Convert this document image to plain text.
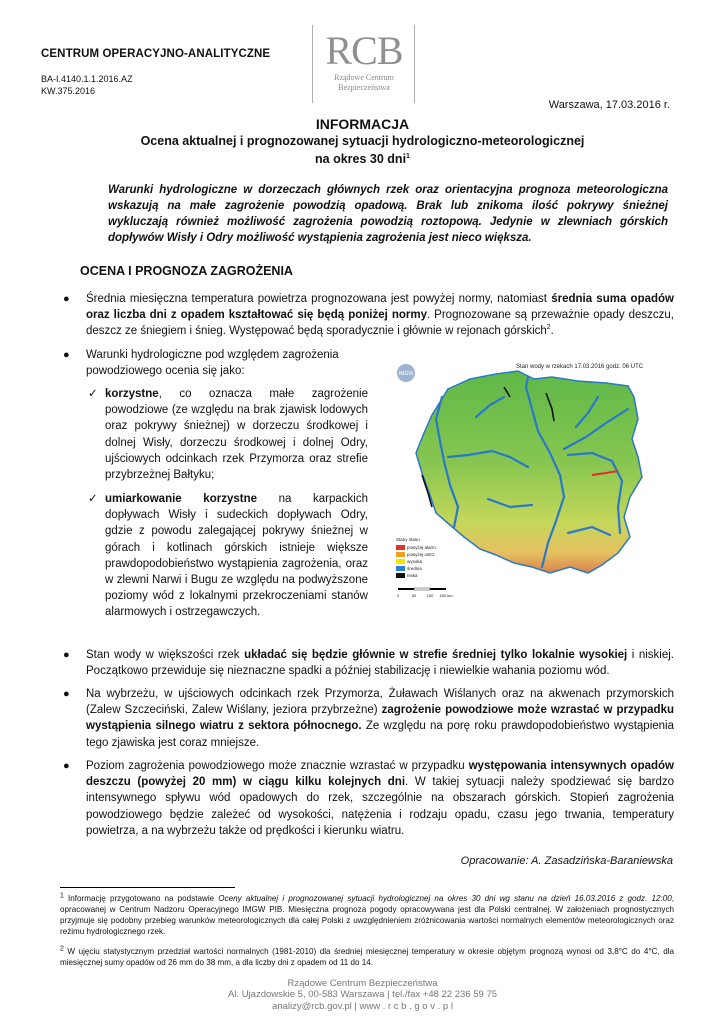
CENTRUM OPERACYJNO-ANALITYCZNE
BA-I.4140.1.1.2016.AZ
KW.375.2016
RCB
Rządowe Centrum
Bezpieczeństwa
Warszawa, 17.03.2016 r.
INFORMACJA
Ocena aktualnej i prognozowanej sytuacji hydrologiczno-meteorologicznej
na okres 30 dni$^1$
Warunki hydrologiczne w dorzeczach głównych rzek oraz orientacyjna prognoza meteorologiczna wskazują na małe zagrożenie powodzią opadową. Brak lub znikoma ilość pokrywy śnieżnej wykluczają również możliwość zagrożenia powodzią roztopową. Jedynie w zlewniach górskich dopływów Wisły i Odry możliwość wystąpienia zagrożenia jest nieco większa.
OCENA I PROGNOZA ZAGROŻENIA
● Średnia miesięczna temperatura powietrza prognozowana jest powyżej normy, natomiast średnia suma opadów oraz liczba dni z opadem kształtować się będą poniżej normy. Prognozowane są przeważnie opady deszczu, deszcz ze śniegiem i śnieg. Występować będą sporadycznie i głównie w rejonach górskich$^2$.
● Warunki hydrologiczne pod względem zagrożenia powodziowego ocenia się jako:
✓ korzystne, co oznacza małe zagrożenie powodziowe (ze względu na brak zjawisk lodowych oraz pokrywy śnieżnej) w dorzeczu środkowej i dolnej Wisły, dorzeczu środkowej i dolnej Odry, ujściowych odcinkach rzek Przymorza oraz strefie przybrzeżnej Bałtyku;
✓ umiarkowanie korzystne na karpackich dopływach Wisły i sudeckich dopływach Odry, gdzie z powodu zalegającej pokrywy śnieżnej w górach i kotlinach górskich istnieje większe prawdopodobieństwo wystąpienia zagrożenia, oraz w zlewni Narwi i Bugu ze względu na podwyższone poziomy wód z lokalnymi przekroczeniami stanów alarmowych i ostrzegawczych.
IMGW
Stan wody w rzekach 17.03.2016 godz. 06 UTC
Stany stanu
powyżej alarm.
powyżej ostrz.
wysoka
średnia
niska
0	50	100 150 km
● Stan wody w większości rzek układać się będzie głównie w strefie średniej tylko lokalnie wysokiej i niskiej. Początkowo przewiduje się nieznaczne spadki a później stabilizację i niewielkie wahania poziomu wód.
● Na wybrzeżu, w ujściowych odcinkach rzek Przymorza, Żuławach Wiślanych oraz na akwenach przymorskich (Zalew Szczeciński, Zalew Wiślany, jeziora przybrzeżne) zagrożenie powodziowe może wzrastać w przypadku wystąpienia silnego wiatru z sektora północnego. Ze względu na porę roku prawdopodobieństwo wystąpienia tego zjawiska jest coraz mniejsze.
● Poziom zagrożenia powodziowego może znacznie wzrastać w przypadku występowania intensywnych opadów deszczu (powyżej 20 mm) w ciągu kilku kolejnych dni. W takiej sytuacji należy spodziewać się bardzo intensywnego spływu wód opadowych do rzek, szczególnie na obszarach górskich. Stopień zagrożenia powodziowego będzie zależeć od wysokości, natężenia i rodzaju opadu, czasu jego trwania, temperatury powietrza, a na wybrzeżu także od prędkości i kierunku wiatru.
Opracowanie: A. Zasadzińska-Baraniewska
$^1$ Informację przygotowano na podstawie Oceny aktualnej i prognozowanej sytuacji hydrologicznej na okres 30 dni wg stanu na dzień 16.03.2016 z godz. 12:00, opracowanej w Centrum Nadzoru Operacyjnego IMGW PIB. Miesięczna prognoza pogody opracowywana jest dla Polski centralnej. W założeniach prognostycznych przyjmuje się podobny przebieg warunków meteorologicznych dla całej Polski z uwzględnieniem zróżnicowania wartości normalnych elementów meteorologicznych oraz reżimu hydrologicznego rzek.
$^2$ W ujęciu statystycznym przedział wartości normalnych (1981-2010) dla średniej miesięcznej temperatury w okresie objętym prognozą wynosi od 3,8°C do 4°C, dla miesięcznej sumy opadów od 26 mm do 38 mm, a dla liczby dni z opadem od 11 do 14.
Rządowe Centrum Bezpieczeństwa
Al. Ujazdowskie 5, 00-583 Warszawa | tel./fax +48 22 236 59 75
analizy@rcb.gov.pl | www . r c b . g o v . p l
